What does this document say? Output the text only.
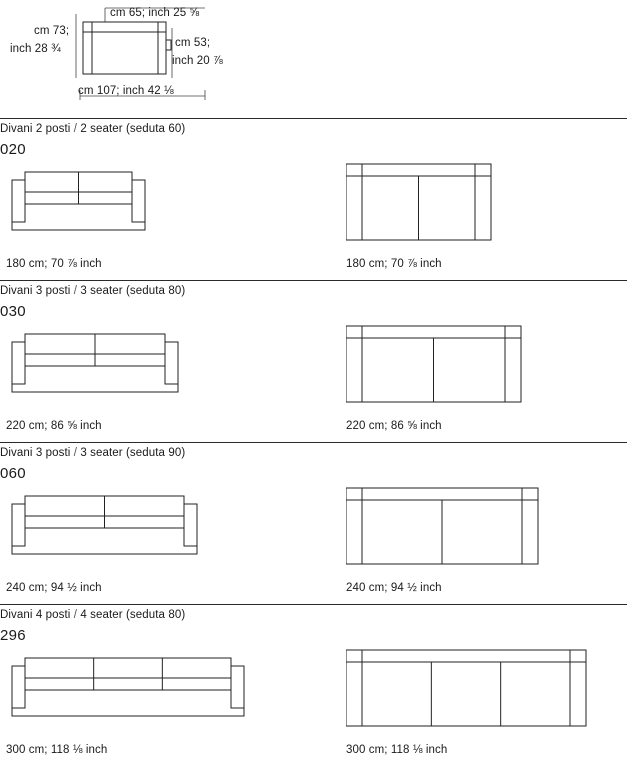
cm 73;
inch 28 ¾
cm 65; inch 25 ⅝
cm 53;
inch 20 ⅞
cm 107; inch 42 ⅛
Divani 2 posti / 2 seater (seduta 60)
020
180 cm; 70 ⅞ inch	180 cm; 70 ⅞ inch
Divani 3 posti / 3 seater (seduta 80)
030
220 cm; 86 ⅝ inch	220 cm; 86 ⅝ inch
Divani 3 posti / 3 seater (seduta 90)
060
240 cm; 94 ½ inch	240 cm; 94 ½ inch
Divani 4 posti / 4 seater (seduta 80)
296
300 cm; 118 ⅛ inch	300 cm; 118 ⅛ inch
